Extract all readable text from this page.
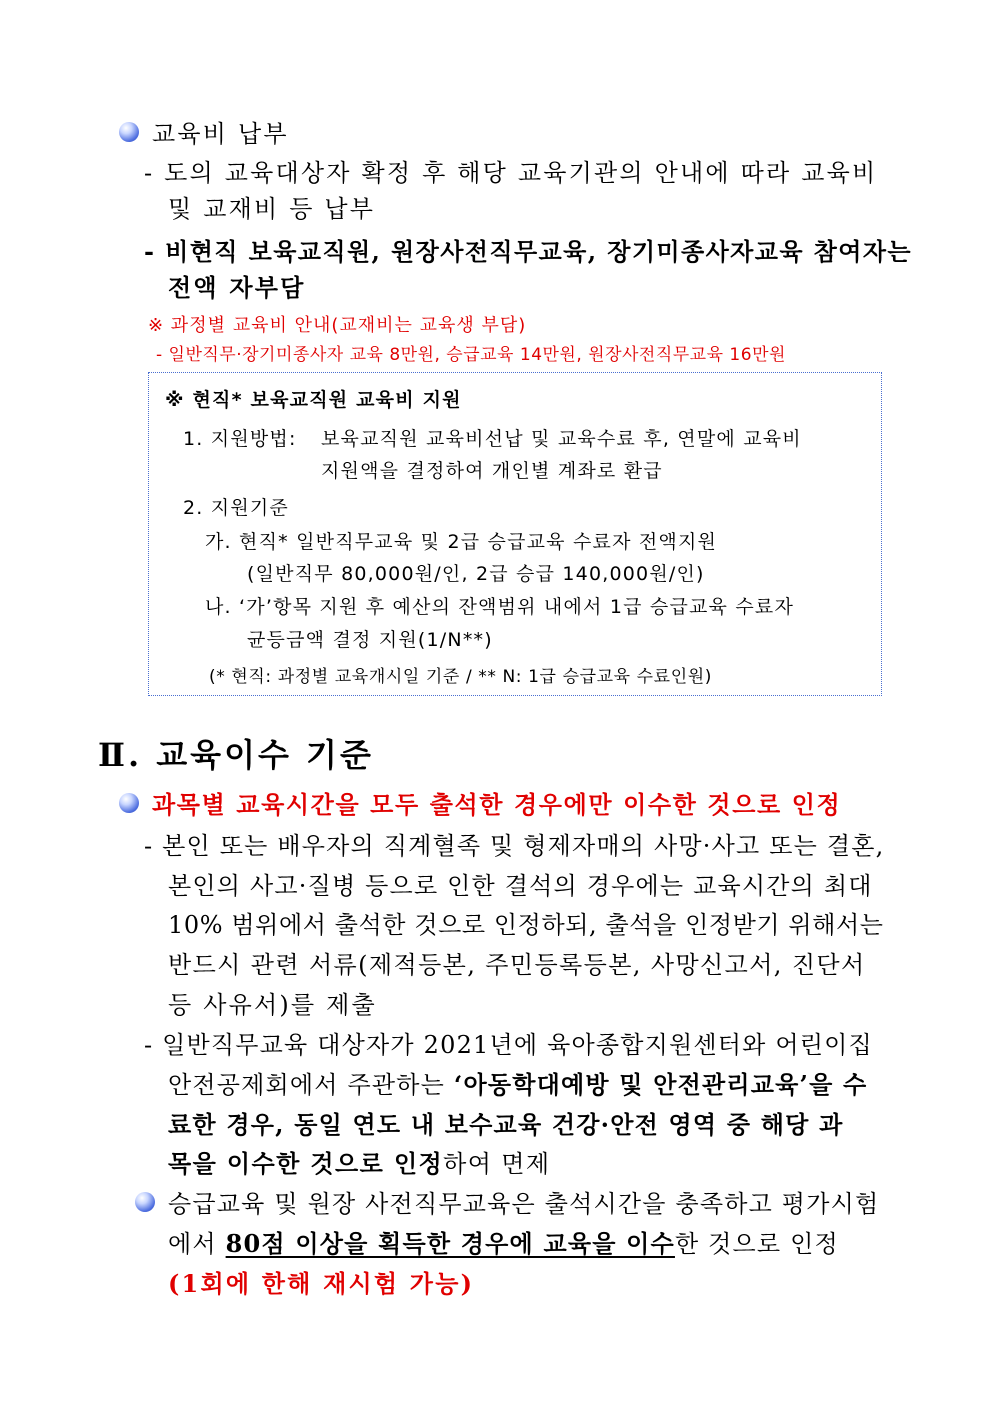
교육비 납부
- 도의 교육대상자 확정 후 해당 교육기관의 안내에 따라 교육비
및 교재비 등 납부
- 비현직 보육교직원, 원장사전직무교육, 장기미종사자교육 참여자는
전액 자부담
※ 과정별 교육비 안내(교재비는 교육생 부담)
- 일반직무·장기미종사자 교육 8만원, 승급교육 14만원, 원장사전직무교육 16만원
※ 현직* 보육교직원 교육비 지원
1. 지원방법: 보육교직원 교육비선납 및 교육수료 후, 연말에 교육비
지원액을 결정하여 개인별 계좌로 환급
2. 지원기준
가. 현직* 일반직무교육 및 2급 승급교육 수료자 전액지원
(일반직무 80,000원/인, 2급 승급 140,000원/인)
나. ‘가’항목 지원 후 예산의 잔액범위 내에서 1급 승급교육 수료자
균등금액 결정 지원(1/N**)
(* 현직: 과정별 교육개시일 기준 / ** N: 1급 승급교육 수료인원)
Ⅱ. 교육이수 기준
과목별 교육시간을 모두 출석한 경우에만 이수한 것으로 인정
- 본인 또는 배우자의 직계혈족 및 형제자매의 사망·사고 또는 결혼,
본인의 사고·질병 등으로 인한 결석의 경우에는 교육시간의 최대
10% 범위에서 출석한 것으로 인정하되, 출석을 인정받기 위해서는
반드시 관련 서류(제적등본, 주민등록등본, 사망신고서, 진단서
등 사유서)를 제출
- 일반직무교육 대상자가 2021년에 육아종합지원센터와 어린이집
안전공제회에서 주관하는 ‘아동학대예방 및 안전관리교육’을 수
료한 경우, 동일 연도 내 보수교육 건강·안전 영역 중 해당 과
목을 이수한 것으로 인정하여 면제
승급교육 및 원장 사전직무교육은 출석시간을 충족하고 평가시험
에서 80점 이상을 획득한 경우에 교육을 이수한 것으로 인정
(1회에 한해 재시험 가능)
